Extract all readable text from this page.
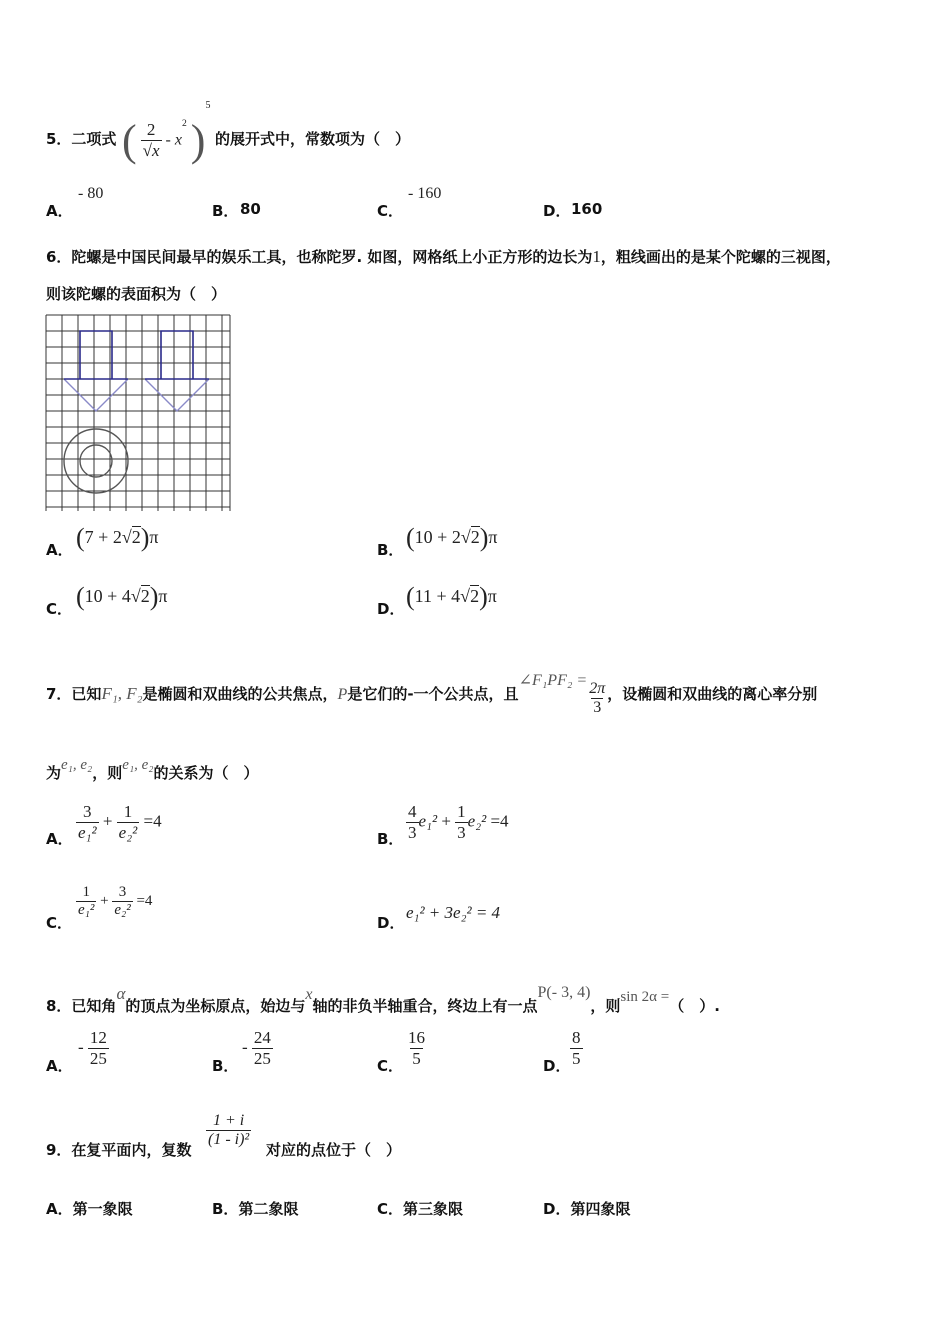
5．二项式 ( $\frac{2}{√x} - x^2$ )$^5$
的展开式中，常数项为（　）
A．
- 80
B． 80	C．
- 160
D． 160
6．陀螺是中国民间最早的娱乐工具，也称陀罗. 如图，网格纸上小正方形的边长为1，粗线画出的是某个陀螺的三视图，
则该陀螺的表面积为（　）
A． (7 + 2√2)π
B． (10 + 2√2)π
C． (10 + 4√2)π
D． (11 + 4√2)π
7．已知F₁, F₂是椭圆和双曲线的公共焦点，P是它们的-一个公共点，且∠F₁PF₂ = $\frac{2\pi}{3}$ ，设椭圆和双曲线的离心率分别
为e₁, e₂，则e₁, e₂的关系为（　）
A． $\frac{3}{\text{e₁²}} + \frac{1}{\text{e₂²}} =4$
B． $\frac{4}{3} e_1^2 + \frac{1}{3} e_2^2 =4$
C．
$\frac{1}{\text{e₁²}} + \frac{3}{\text{e₂²}} =4$
D．
e₁² + 3e₂² = 4
8．已知角α的顶点为坐标原点，始边与x轴的非负半轴重合，终边上有一点P(- 3, 4)，则sin 2α =（　）.
A．
- $\frac{12}{25}$	B．
- $\frac{24}{25}$	C． $\frac{16}{5}$	D． $\frac{8}{5}$
9．在复平面内，复数
$\frac{1 + i}{\text{(1 - i)²}}$
对应的点位于（　）
A．第一象限	B．第二象限	C．第三象限	D．第四象限
